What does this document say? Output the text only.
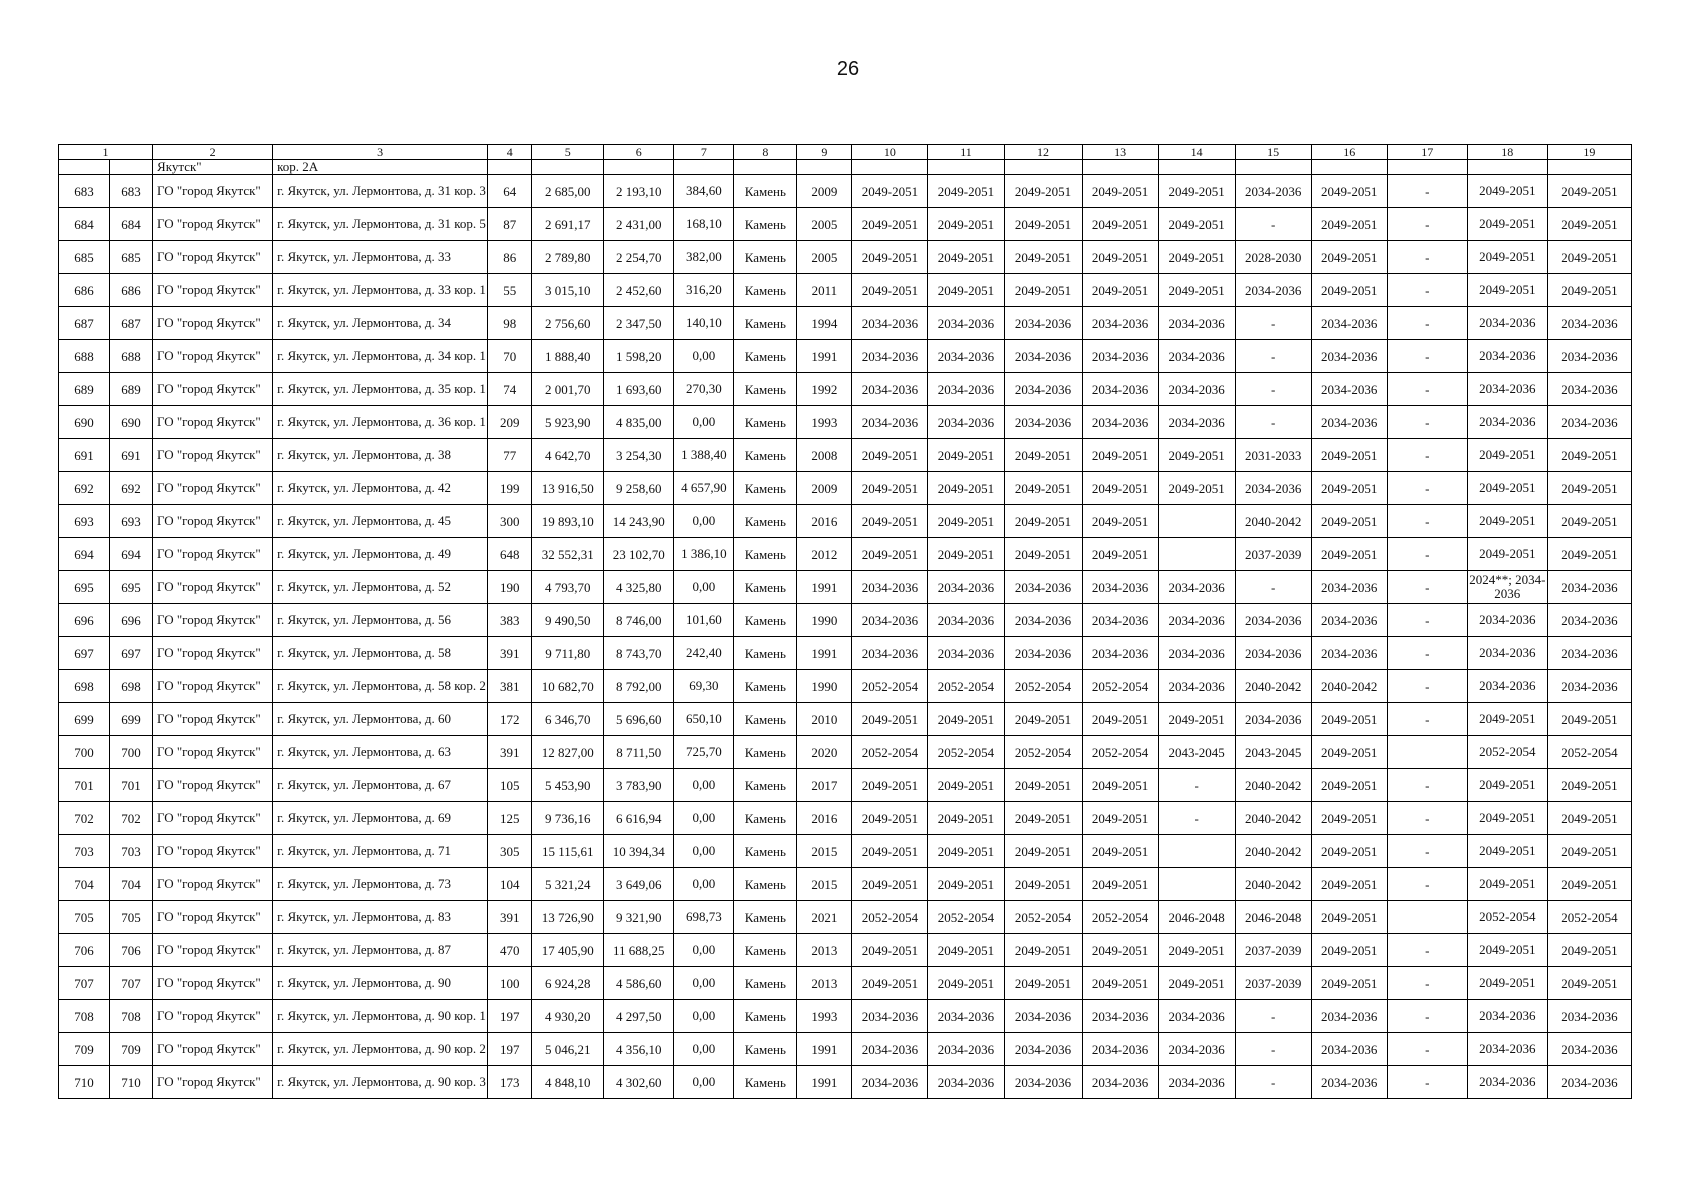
26
1		2	3	4	5	6	7	8	9	10	11	12	13	14	15	16	17	18	19
		Якутск"	кор. 2А																
683	683	ГО "город Якутск"	г. Якутск, ул. Лермонтова, д. 31 кор. 3	64	2 685,00	2 193,10	384,60	Камень	2009	2049-2051	2049-2051	2049-2051	2049-2051	2049-2051	2034-2036	2049-2051	-	2049-2051	2049-2051
684	684	ГО "город Якутск"	г. Якутск, ул. Лермонтова, д. 31 кор. 5	87	2 691,17	2 431,00	168,10	Камень	2005	2049-2051	2049-2051	2049-2051	2049-2051	2049-2051	-	2049-2051	-	2049-2051	2049-2051
685	685	ГО "город Якутск"	г. Якутск, ул. Лермонтова, д. 33	86	2 789,80	2 254,70	382,00	Камень	2005	2049-2051	2049-2051	2049-2051	2049-2051	2049-2051	2028-2030	2049-2051	-	2049-2051	2049-2051
686	686	ГО "город Якутск"	г. Якутск, ул. Лермонтова, д. 33 кор. 1	55	3 015,10	2 452,60	316,20	Камень	2011	2049-2051	2049-2051	2049-2051	2049-2051	2049-2051	2034-2036	2049-2051	-	2049-2051	2049-2051
687	687	ГО "город Якутск"	г. Якутск, ул. Лермонтова, д. 34	98	2 756,60	2 347,50	140,10	Камень	1994	2034-2036	2034-2036	2034-2036	2034-2036	2034-2036	-	2034-2036	-	2034-2036	2034-2036
688	688	ГО "город Якутск"	г. Якутск, ул. Лермонтова, д. 34 кор. 1	70	1 888,40	1 598,20	0,00	Камень	1991	2034-2036	2034-2036	2034-2036	2034-2036	2034-2036	-	2034-2036	-	2034-2036	2034-2036
689	689	ГО "город Якутск"	г. Якутск, ул. Лермонтова, д. 35 кор. 1	74	2 001,70	1 693,60	270,30	Камень	1992	2034-2036	2034-2036	2034-2036	2034-2036	2034-2036	-	2034-2036	-	2034-2036	2034-2036
690	690	ГО "город Якутск"	г. Якутск, ул. Лермонтова, д. 36 кор. 1	209	5 923,90	4 835,00	0,00	Камень	1993	2034-2036	2034-2036	2034-2036	2034-2036	2034-2036	-	2034-2036	-	2034-2036	2034-2036
691	691	ГО "город Якутск"	г. Якутск, ул. Лермонтова, д. 38	77	4 642,70	3 254,30	1 388,40	Камень	2008	2049-2051	2049-2051	2049-2051	2049-2051	2049-2051	2031-2033	2049-2051	-	2049-2051	2049-2051
692	692	ГО "город Якутск"	г. Якутск, ул. Лермонтова, д. 42	199	13 916,50	9 258,60	4 657,90	Камень	2009	2049-2051	2049-2051	2049-2051	2049-2051	2049-2051	2034-2036	2049-2051	-	2049-2051	2049-2051
693	693	ГО "город Якутск"	г. Якутск, ул. Лермонтова, д. 45	300	19 893,10	14 243,90	0,00	Камень	2016	2049-2051	2049-2051	2049-2051	2049-2051		2040-2042	2049-2051	-	2049-2051	2049-2051
694	694	ГО "город Якутск"	г. Якутск, ул. Лермонтова, д. 49	648	32 552,31	23 102,70	1 386,10	Камень	2012	2049-2051	2049-2051	2049-2051	2049-2051		2037-2039	2049-2051	-	2049-2051	2049-2051
695	695	ГО "город Якутск"	г. Якутск, ул. Лермонтова, д. 52	190	4 793,70	4 325,80	0,00	Камень	1991	2034-2036	2034-2036	2034-2036	2034-2036	2034-2036	-	2034-2036	-	2024**; 2034-2036	2034-2036
696	696	ГО "город Якутск"	г. Якутск, ул. Лермонтова, д. 56	383	9 490,50	8 746,00	101,60	Камень	1990	2034-2036	2034-2036	2034-2036	2034-2036	2034-2036	2034-2036	2034-2036	-	2034-2036	2034-2036
697	697	ГО "город Якутск"	г. Якутск, ул. Лермонтова, д. 58	391	9 711,80	8 743,70	242,40	Камень	1991	2034-2036	2034-2036	2034-2036	2034-2036	2034-2036	2034-2036	2034-2036	-	2034-2036	2034-2036
698	698	ГО "город Якутск"	г. Якутск, ул. Лермонтова, д. 58 кор. 2	381	10 682,70	8 792,00	69,30	Камень	1990	2052-2054	2052-2054	2052-2054	2052-2054	2034-2036	2040-2042	2040-2042	-	2034-2036	2034-2036
699	699	ГО "город Якутск"	г. Якутск, ул. Лермонтова, д. 60	172	6 346,70	5 696,60	650,10	Камень	2010	2049-2051	2049-2051	2049-2051	2049-2051	2049-2051	2034-2036	2049-2051	-	2049-2051	2049-2051
700	700	ГО "город Якутск"	г. Якутск, ул. Лермонтова, д. 63	391	12 827,00	8 711,50	725,70	Камень	2020	2052-2054	2052-2054	2052-2054	2052-2054	2043-2045	2043-2045	2049-2051		2052-2054	2052-2054
701	701	ГО "город Якутск"	г. Якутск, ул. Лермонтова, д. 67	105	5 453,90	3 783,90	0,00	Камень	2017	2049-2051	2049-2051	2049-2051	2049-2051	-	2040-2042	2049-2051	-	2049-2051	2049-2051
702	702	ГО "город Якутск"	г. Якутск, ул. Лермонтова, д. 69	125	9 736,16	6 616,94	0,00	Камень	2016	2049-2051	2049-2051	2049-2051	2049-2051	-	2040-2042	2049-2051	-	2049-2051	2049-2051
703	703	ГО "город Якутск"	г. Якутск, ул. Лермонтова, д. 71	305	15 115,61	10 394,34	0,00	Камень	2015	2049-2051	2049-2051	2049-2051	2049-2051		2040-2042	2049-2051	-	2049-2051	2049-2051
704	704	ГО "город Якутск"	г. Якутск, ул. Лермонтова, д. 73	104	5 321,24	3 649,06	0,00	Камень	2015	2049-2051	2049-2051	2049-2051	2049-2051		2040-2042	2049-2051	-	2049-2051	2049-2051
705	705	ГО "город Якутск"	г. Якутск, ул. Лермонтова, д. 83	391	13 726,90	9 321,90	698,73	Камень	2021	2052-2054	2052-2054	2052-2054	2052-2054	2046-2048	2046-2048	2049-2051		2052-2054	2052-2054
706	706	ГО "город Якутск"	г. Якутск, ул. Лермонтова, д. 87	470	17 405,90	11 688,25	0,00	Камень	2013	2049-2051	2049-2051	2049-2051	2049-2051	2049-2051	2037-2039	2049-2051	-	2049-2051	2049-2051
707	707	ГО "город Якутск"	г. Якутск, ул. Лермонтова, д. 90	100	6 924,28	4 586,60	0,00	Камень	2013	2049-2051	2049-2051	2049-2051	2049-2051	2049-2051	2037-2039	2049-2051	-	2049-2051	2049-2051
708	708	ГО "город Якутск"	г. Якутск, ул. Лермонтова, д. 90 кор. 1	197	4 930,20	4 297,50	0,00	Камень	1993	2034-2036	2034-2036	2034-2036	2034-2036	2034-2036	-	2034-2036	-	2034-2036	2034-2036
709	709	ГО "город Якутск"	г. Якутск, ул. Лермонтова, д. 90 кор. 2	197	5 046,21	4 356,10	0,00	Камень	1991	2034-2036	2034-2036	2034-2036	2034-2036	2034-2036	-	2034-2036	-	2034-2036	2034-2036
710	710	ГО "город Якутск"	г. Якутск, ул. Лермонтова, д. 90 кор. 3	173	4 848,10	4 302,60	0,00	Камень	1991	2034-2036	2034-2036	2034-2036	2034-2036	2034-2036	-	2034-2036	-	2034-2036	2034-2036
